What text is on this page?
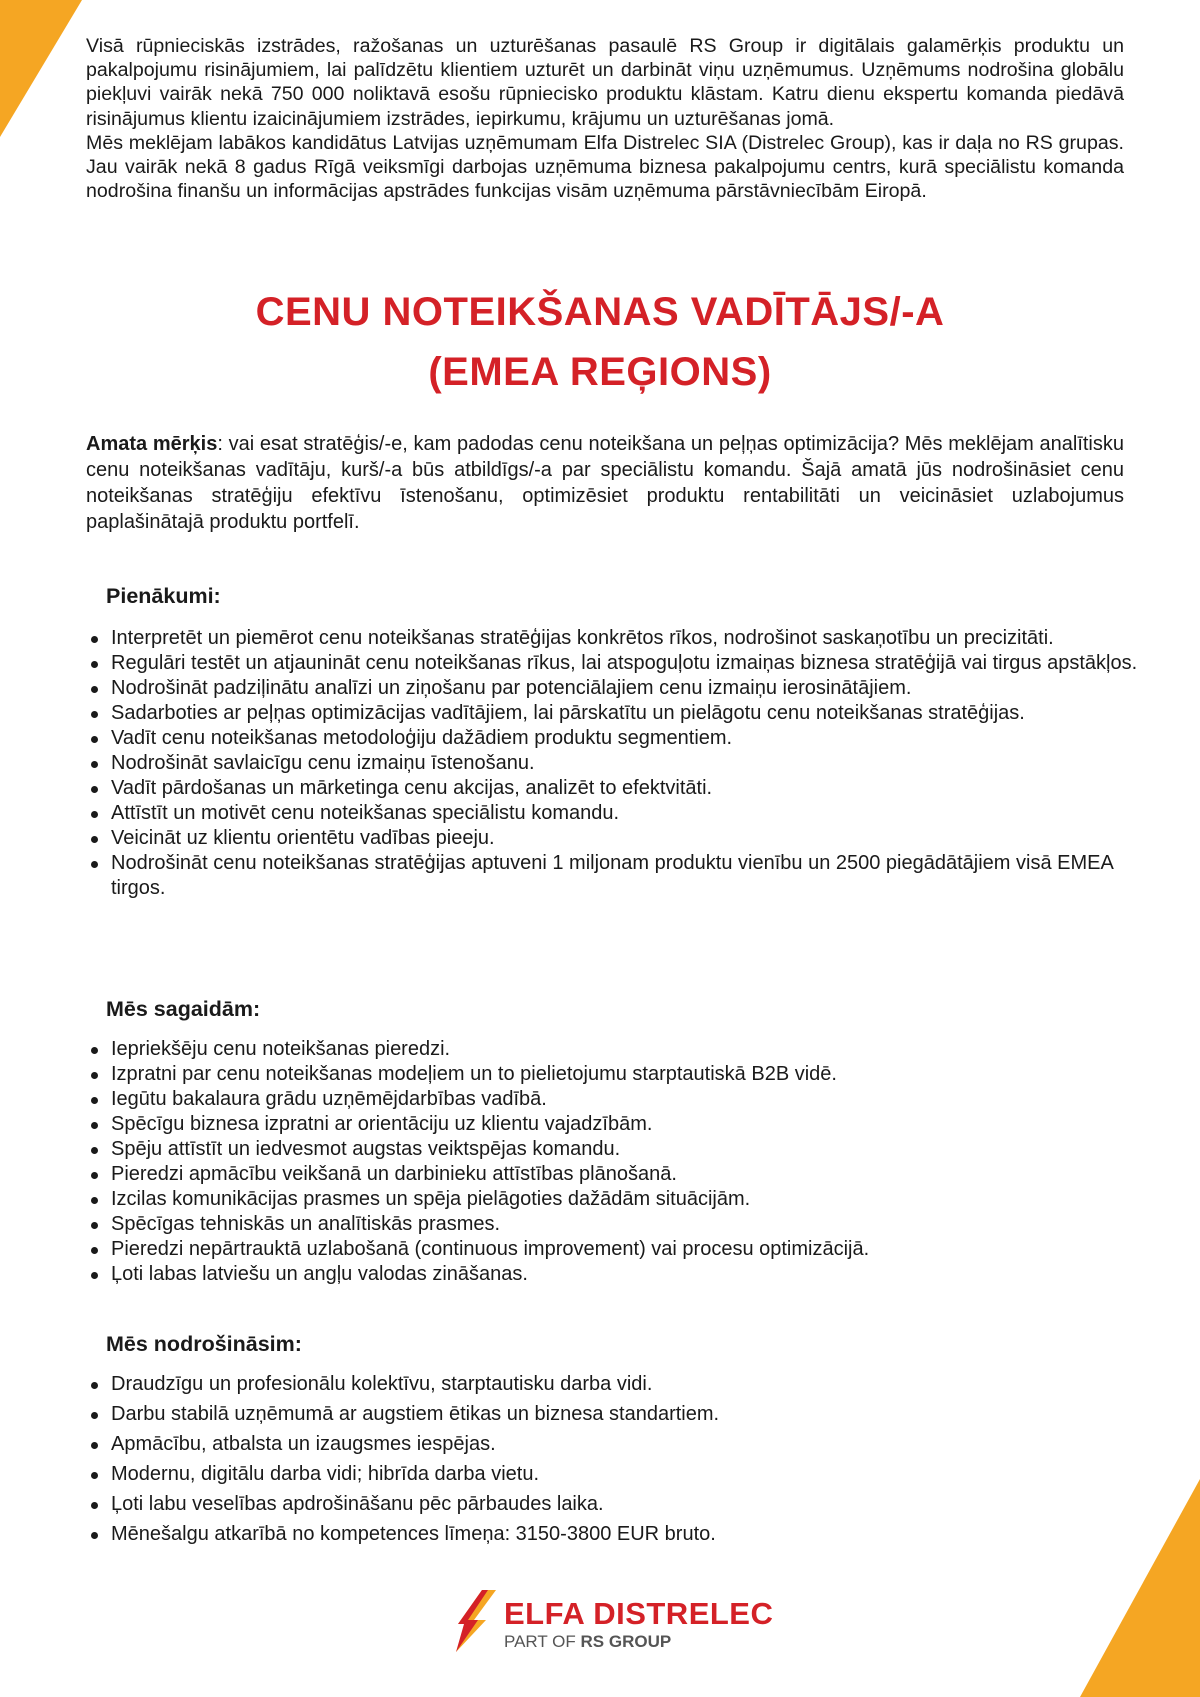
Visā rūpnieciskās izstrādes, ražošanas un uzturēšanas pasaulē RS Group ir digitālais galamērķis produktu un pakalpojumu risinājumiem, lai palīdzētu klientiem uzturēt un darbināt viņu uzņēmumus. Uzņēmums nodrošina globālu piekļuvi vairāk nekā 750 000 noliktavā esošu rūpniecisko produktu klāstam. Katru dienu ekspertu komanda piedāvā risinājumus klientu izaicinājumiem izstrādes, iepirkumu, krājumu un uzturēšanas jomā.

Mēs meklējam labākos kandidātus Latvijas uzņēmumam Elfa Distrelec SIA (Distrelec Group), kas ir daļa no RS grupas. Jau vairāk nekā 8 gadus Rīgā veiksmīgi darbojas uzņēmuma biznesa pakalpojumu centrs, kurā speciālistu komanda nodrošina finanšu un informācijas apstrādes funkcijas visām uzņēmuma pārstāvniecībām Eiropā.

CENU NOTEIKŠANAS VADĪTĀJS/-A
(EMEA REĢIONS)

Amata mērķis: vai esat stratēģis/-e, kam padodas cenu noteikšana un peļņas optimizācija? Mēs meklējam analītisku cenu noteikšanas vadītāju, kurš/-a būs atbildīgs/-a par speciālistu komandu. Šajā amatā jūs nodrošināsiet cenu noteikšanas stratēģiju efektīvu īstenošanu, optimizēsiet produktu rentabilitāti un veicināsiet uzlabojumus paplašinātajā produktu portfelī.

Pienākumi:
Interpretēt un piemērot cenu noteikšanas stratēģijas konkrētos rīkos, nodrošinot saskaņotību un precizitāti.
Regulāri testēt un atjaunināt cenu noteikšanas rīkus, lai atspoguļotu izmaiņas biznesa stratēģijā vai tirgus apstākļos.
Nodrošināt padziļinātu analīzi un ziņošanu par potenciālajiem cenu izmaiņu ierosinātājiem.
Sadarboties ar peļņas optimizācijas vadītājiem, lai pārskatītu un pielāgotu cenu noteikšanas stratēģijas.
Vadīt cenu noteikšanas metodoloģiju dažādiem produktu segmentiem.
Nodrošināt savlaicīgu cenu izmaiņu īstenošanu.
Vadīt pārdošanas un mārketinga cenu akcijas, analizēt to efektvitāti.
Attīstīt un motivēt cenu noteikšanas speciālistu komandu.
Veicināt uz klientu orientētu vadības pieeju.
Nodrošināt cenu noteikšanas stratēģijas aptuveni 1 miljonam produktu vienību un 2500 piegādātājiem visā EMEA tirgos.
Mēs sagaidām:
Iepriekšēju cenu noteikšanas pieredzi.
Izpratni par cenu noteikšanas modeļiem un to pielietojumu starptautiskā B2B vidē.
Iegūtu bakalaura grādu uzņēmējdarbības vadībā.
Spēcīgu biznesa izpratni ar orientāciju uz klientu vajadzībām.
Spēju attīstīt un iedvesmot augstas veiktspējas komandu.
Pieredzi apmācību veikšanā un darbinieku attīstības plānošanā.
Izcilas komunikācijas prasmes un spēja pielāgoties dažādām situācijām.
Spēcīgas tehniskās un analītiskās prasmes.
Pieredzi nepārtrauktā uzlabošanā (continuous improvement) vai procesu optimizācijā.
Ļoti labas latviešu un angļu valodas zināšanas.
Mēs nodrošināsim:
Draudzīgu un profesionālu kolektīvu, starptautisku darba vidi.
Darbu stabilā uzņēmumā ar augstiem ētikas un biznesa standartiem.
Apmācību, atbalsta un izaugsmes iespējas.
Modernu, digitālu darba vidi; hibrīda darba vietu.
Ļoti labu veselības apdrošināšanu pēc pārbaudes laika.
Mēnešalgu atkarībā no kompetences līmeņa: 3150-3800 EUR bruto.
ELFA DISTRELEC
PART OF RS GROUP
